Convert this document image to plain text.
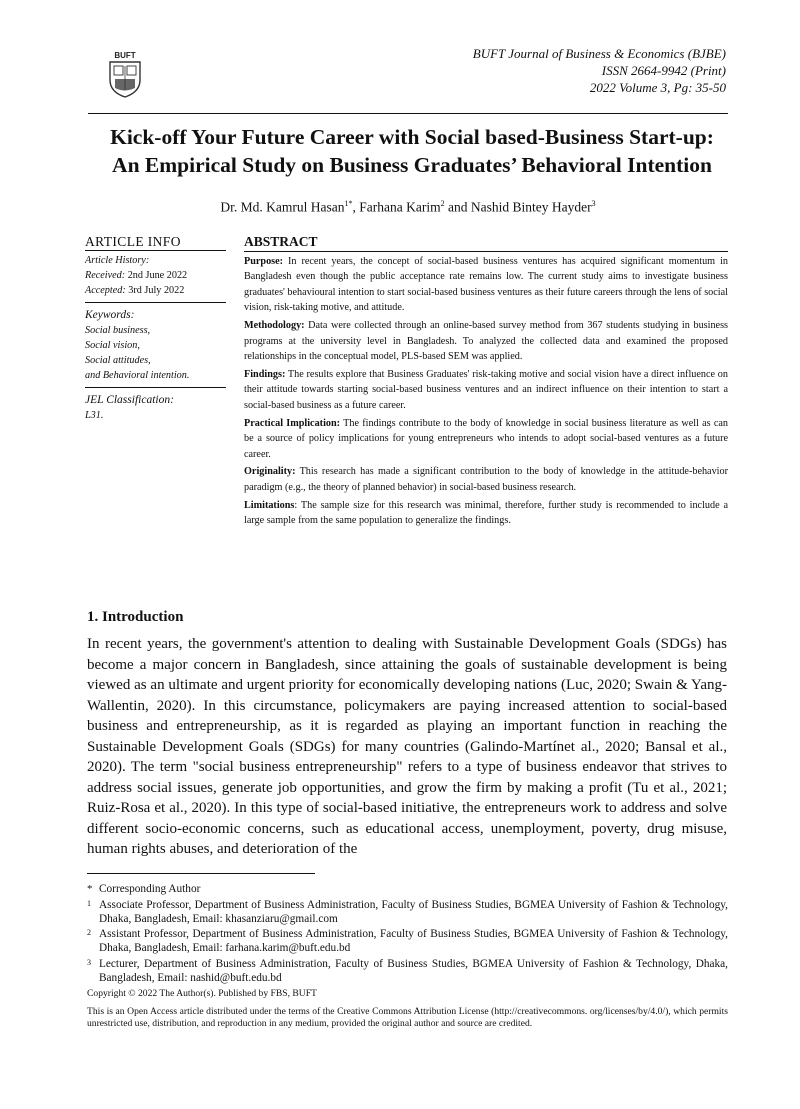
BUFT	BUFT Journal of Business & Economics (BJBE)
ISSN 2664-9942 (Print)
2022 Volume 3, Pg: 35-50
Kick-off Your Future Career with Social based-Business Start-up:
An Empirical Study on Business Graduates’ Behavioral Intention
Dr. Md. Kamrul Hasan$^{1*}$, Farhana Karim$^2$ and Nashid Bintey Hayder$^3$
ARTICLE INFO
Article History:
Received: 2nd June 2022
Accepted: 3rd July 2022
Keywords:
Social business,
Social vision,
Social attitudes,
and Behavioral intention.
JEL Classification:
L31.
ABSTRACT

Purpose: In recent years, the concept of social-based business ventures has acquired significant momentum in Bangladesh even though the public acceptance rate remains low. The current study aims to investigate business graduates' behavioural intention to start social-based business ventures as their future careers through the lens of social vision, risk-taking motive, and attitude.

Methodology: Data were collected through an online-based survey method from 367 students studying in business programs at the university level in Bangladesh. To analyzed the collected data and examined the proposed relationships in the conceptual model, PLS-based SEM was applied.

Findings: The results explore that Business Graduates' risk-taking motive and social vision have a direct influence on their attitude towards starting social-based business ventures and an indirect influence on their intention to start a social-based business as a future career.

Practical Implication: The findings contribute to the body of knowledge in social business literature as well as can be a source of policy implications for young entrepreneurs who intends to adopt social-based ventures as a future career.

Originality: This research has made a significant contribution to the body of knowledge in the attitude-behavior paradigm (e.g., the theory of planned behavior) in social-based business research.

Limitations: The sample size for this research was minimal, therefore, further study is recommended to include a large sample from the same population to generalize the findings.

1. Introduction
In recent years, the government's attention to dealing with Sustainable Development Goals (SDGs) has become a major concern in Bangladesh, since attaining the goals of sustainable development is being viewed as an ultimate and urgent priority for economically developing nations (Luc, 2020; Swain & Yang-Wallentin, 2020). In this circumstance, policymakers are paying increased attention to social-based business and entrepreneurship, as it is regarded as playing an important function in reaching the Sustainable Development Goals (SDGs) for many countries (Galindo-Martínet al., 2020; Bansal et al., 2020). The term "social business entrepreneurship" refers to a type of business endeavor that strives to address social issues, generate job opportunities, and grow the firm by making a profit (Tu et al., 2021; Ruiz-Rosa et al., 2020). In this type of social-based initiative, the entrepreneurs work to address and solve different socio-economic concerns, such as educational access, unemployment, poverty, drug misuse, human rights abuses, and deterioration of the
* Corresponding Author
1 Associate Professor, Department of Business Administration, Faculty of Business Studies, BGMEA University of Fashion & Technology, Dhaka, Bangladesh, Email: khasanziaru@gmail.com
2 Assistant Professor, Department of Business Administration, Faculty of Business Studies, BGMEA University of Fashion & Technology, Dhaka, Bangladesh, Email: farhana.karim@buft.edu.bd
3 Lecturer, Department of Business Administration, Faculty of Business Studies, BGMEA University of Fashion & Technology, Dhaka, Bangladesh, Email: nashid@buft.edu.bd

Copyright © 2022 The Author(s). Published by FBS, BUFT

This is an Open Access article distributed under the terms of the Creative Commons Attribution License (http://creativecommons. org/licenses/by/4.0/), which permits unrestricted use, distribution, and reproduction in any medium, provided the original author and source are credited.
